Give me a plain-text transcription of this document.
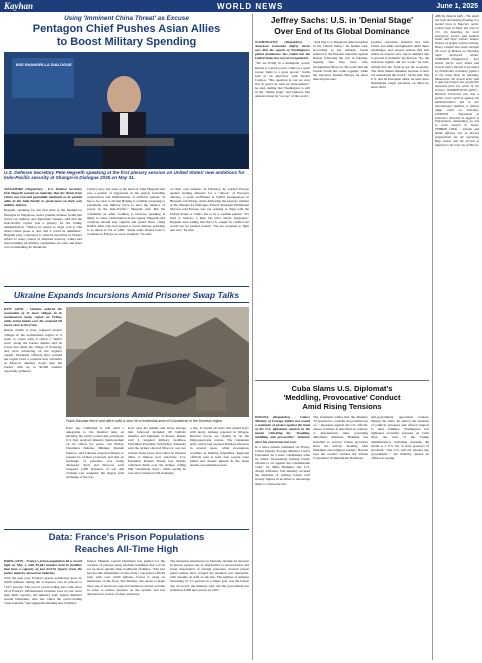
Kayhan	WORLD NEWS	June 1, 2025
Using 'Imminent China Threat' as Excuse
Pentagon Chief Pushes Asian Allies
to Boost Military Spending
IISS SHANGRI-LA DIALOGUE
U.S. Defense Secretary Pete Hegseth speaking at the first plenary session on United States' new ambitions for Indo-Pacific security at Shangri-la Dialogue 2025 on May 31.

SINGAPORE (Dispatches) - U.S. Defense Secretary Pete Hegseth warned on Saturday that the threat from China was real and potentially imminent as he pushed allies in the Indo-Pacific to spend more on their own military defense.

Hegseth, speaking for the first time at the Shangri-La Dialogue in Singapore, Asia's premier defense forum that draws top military and diplomatic leaders, said that the Indo-Pacific region was a priority for the Trump administration. "There's no reason to sugar coat it. The threat China poses is real, and it could be imminent," Hegseth said, a reference to what he described as China's efforts to seize control of disputed territory. China had been building up military capabilities, he said, and there was no mistaking its intentions.

China's navy has been at the head of what Hegseth said was a pattern of aggression in the region, including construction and militarization of artificial islands. "It has to be clear to all that Beijing is credibly preparing to potentially use military force to alter the balance of power in the Indo-Pacific," Hegseth said. But his comments on allies working to increase spending is likely to cause consternation in the region. Hegseth said countries should stay vigilant and spend more, citing NATO allies who had agreed to boost defense spending to as much as 5% of GDP. "Asian allies should look to countries in Europe as a new example," he said.

on their own defense. In February, he warned Europe against leaning America for a "reboot" of Europe's defense, a point reaffirmed at NATO headquarters in Brussels. On Friday, while delivering the keynote address at the Shangri-La Dialogue, French President Emmanuel Macron said Europe was not seeking to align with the United States or China, but to be a credible partner. "It's hard to believe, a little bit, after what's happened," Hegseth said, adding that the U.S. sought no conflict but would not be pushed around. "We are prepared to fight and win," he said.

Ukraine Expands Incursions Amid Prisoner Swap Talks

KYIV (AFP) - Ukraine ordered the evacuation of 11 more villages in its northeastern Sumy region on Friday, while aerial bombs over the weekend hit towns close to the front.

Russia claims to have captured several villages in the northeastern region as it seeks to create what it called a "buffer zone" along the border. Russia said its forces had taken the village of Vodolagy and were advancing on the region's capital. Ukrainian officials have warned the region faces a possible new offensive as Moscow amasses troops near the border, with up to 50,000 soldiers reportedly gathered.

Frank Kassian fence and stitch solid is also hit a residential area of Kramatorsk in the Donetsk region.

Kyiv has confirmed it will send a delegation to the Istanbul talks on Monday, but said it would only participate if it first received Russia's memorandum on its vision for peace. On Friday, Ukrainian Defense Minister Rustem Umerov said Ukraine expected Russia to present its written proposals and that an exchange of prisoners was being discussed. Kyiv and Moscow each swapped 1,000 prisoners of war and civilians last weekend, the largest such exchange of the war.

Kyiv says the missile and drone barrage that followed included 48 ballistic missiles and hundreds of drones. Russia said it targeted military facilities. Ukrainian President Volodymyr Zelensky said the strikes showed Moscow was not serious about peace and called on Western allies to impose new sanctions. U.S. President Donald Trump has sharply criticized Putin over the strikes, calling him "absolutely crazy", while saying he was also frustrated with Zelensky.

a day. It owned all sides that pulled Kyiv with heavy damage reported in villages, Russian forces are closing in on the Dnipropetrovsk region. The Ukrainian army said it had stopped Russian advances in several areas, while evacuations continue as shelling intensifies. Regional officials said at least four people were killed and dozens injured in the latest attacks on residential areas.

Data: France's Prison Populations
Reaches All-Time High

PARIS (AFP) - France's prison population hit a record high on May 1, with 83,681 inmates held in facilities that have a capacity of just 62,570, figures from the justice ministry showed on Saturday.

Over the past year, France's prison population grew by 6,000 inmates, taking the occupancy rate in prisons to 133.7 percent. The record overcrowding has come since 29 of France's 186 detention facilities were at over twice their built capacity, the ministry said. Justice Minister Gerald Darmanin, who has called the overcrowding "unacceptable," has suggested building new facilities.

Justice Minister Gerald Darmanin has pushed for the creation of prisons using modular buildings that can be set up more quickly than traditional facilities. "The bed has become emblematic of this crisis," one prison official said, with over 5,000 inmates forced to sleep on mattresses on the floor. The ministry also plans to make more use of electronic tags and sentences served at home in order to relieve pressure on the system, and has announced a review of short sentences.

The measures announced on Saturday include an increase in places, greater use of alternatives to incarceration and faster deportation of foreign prisoners. Several prison guard unions have warned the situation was untenable, with assaults on staff on the rise. The number of inmates increasing by 5.2 percent in a single year was the fastest rise on record, the ministry said, and the government has promised 3,000 new places by 2027.

Jeffrey Sachs: U.S. in 'Denial Stage'
Over End of Its Global Dominance

WASHINGTON (Dispatches) - American economist Jeffrey Sachs says that the speech of Washington's global dominance has ended but the United States has not yet recognized it.

"We are living in a multipolar world. Russia is a great power. China is a great power. India is a great power," Sachs said in an interview with Tucker Carlson. "The question is can we now live in peace in such an environment," he said, adding that Washington is still in the "denial stage" and believes that America must be "on top" of the world.

"And that is a dangerous misconception in the United States," he further said. According to his remarks, Sachs referred to the Western sanctions against Russia following the war in Ukraine, arguing that they have only strengthened Moscow. He noted that the Global South has come together, while the sanctions harmed Europe far more than anyone else.

positive outcomes. Russia's ties with China and India strengthened amid these challenges, and several nations that had relied on exports now report demand due to growth in domestic production. "So, the sanctions regime did not work," he said, adding that the "fault is not the economy. The West makes mistakes because it does not understand the world," Sachs said. The U.S. and its European allies, he said, have maintained tough sanctions on Moscow since 2022.

Cuba Slams U.S. Diplomat's
'Meddling, Provocative' Conduct
Amid Rising Tensions

HAVANA (Dispatches) - Cuba's Ministry of Foreign Affairs has issued a statement of protest against the head of the U.S. diplomatic mission in the island, criticizing his "insulting, meddling and provocative" behavior since his arrival late last year.

In a news release published on Friday, Cuban Deputy Foreign Minister Carlos Fernandez de Cossio condemned what he called "increasingly inciting Cuban citizens to act against the constitutional order" by Mike Hammer, the U.S. chargé d'affaires. The ministry accused the diplomat of visiting Cuban civil society figures in an effort to encourage them to violate the law.

The statement added that the ministry "is prepared to consider the possible use of..." measures against the U.S. official, whose activities it described as contrary to international rules governing diplomatic missions. Hammer has travelled to several Cuban provinces since his arrival, meeting with dissidents and religious leaders. Havana says the conduct violates the Vienna Convention on Diplomatic Relations.

anti-government opposition leaders. During his visits, he alerted the relatives of political prisoners and offered support to their families. Washington has tightened economic pressure on Cuba since the start of the Trump administration, including restoring the island to a U.S. list of state sponsors of terrorism. "The U.S. will not tolerate any government..." the ministry quoted an official as saying.

ABUJA, Nigeria (AP) - The death toll from devastating flooding in a market town in Nigeria's north-central state of Niger has risen to 151. On Saturday, the local emergency service and medical teams had more victims' bodies. Dozens of people remain missing. Heavy rainfall that swept through the town of Mokwa on Thursday night destroyed homes. TEHERAN (Dispatches) - Two Israeli forces were killed and several others injured in an attack by Palestinian resistance fighters in the Gaza Strip on Saturday. Meanwhile, the Israeli army said it had intercepted two projectiles launched from the north of the enclave. WASHINGTON (AFP) - Harvard University has won a further court reprieve against the administration's bid to bar international students, a federal judge ruled on Thursday. LONDON - Thousands of protesters marched in support of Palestinians, demanding an end to arms exports to Israel. TEHRAN (TNA) - Iranian and Saudi officials met to discuss preparations for the upcoming Hajj season and the arrival of pilgrims in the holy city of Mecca.
